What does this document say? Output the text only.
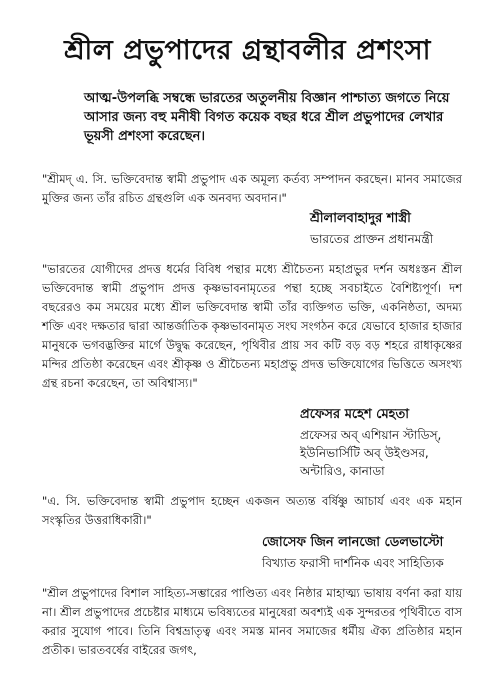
শ্রীল প্রভুপাদের গ্রন্থাবলীর প্রশংসা

আত্ম-উপলব্ধি সম্বন্ধে ভারতের অতুলনীয় বিজ্ঞান পাশ্চাত্য জগতে নিয়ে আসার জন্য বহু মনীষী বিগত কয়েক বছর ধরে শ্রীল প্রভুপাদের লেখার ভূয়সী প্রশংসা করেছেন।

"শ্রীমদ্ এ. সি. ভক্তিবেদান্ত স্বামী প্রভুপাদ এক অমূল্য কর্তব্য সম্পাদন করছেন। মানব সমাজের মুক্তির জন্য তাঁর রচিত গ্রন্থগুলি এক অনবদ্য অবদান।"

শ্রীলালবাহাদুর শাস্ত্রী
ভারতের প্রাক্তন প্রধানমন্ত্রী

"ভারতের যোগীদের প্রদত্ত ধর্মের বিবিধ পন্থার মধ্যে শ্রীচৈতন্য মহাপ্রভুর দর্শন অধঃস্তন শ্রীল ভক্তিবেদান্ত স্বামী প্রভুপাদ প্রদত্ত কৃষ্ণভাবনামৃতের পন্থা হচ্ছে সবচাইতে বৈশিষ্ট্যপূর্ণ। দশ বছরেরও কম সময়ের মধ্যে শ্রীল ভক্তিবেদান্ত স্বামী তাঁর ব্যক্তিগত ভক্তি, একনিষ্ঠতা, অদম্য শক্তি এবং দক্ষতার দ্বারা আন্তর্জাতিক কৃষ্ণভাবনামৃত সংঘ সংগঠন করে যেভাবে হাজার হাজার মানুষকে ভগবদ্ভক্তির মার্গে উদ্বুদ্ধ করেছেন, পৃথিবীর প্রায় সব কটি বড় বড় শহরে রাধাকৃষ্ণের মন্দির প্রতিষ্ঠা করেছেন এবং শ্রীকৃষ্ণ ও শ্রীচৈতন্য মহাপ্রভু প্রদত্ত ভক্তিযোগের ভিত্তিতে অসংখ্য গ্রন্থ রচনা করেছেন, তা অবিশ্বাস্য।"

প্রফেসর মহেশ মেহতা
প্রফেসর অব্ এশিয়ান স্টাডিস্,
ইউনিভার্সিটি অব্ উইণ্ডসর,
অন্টারিও, কানাডা

"এ. সি. ভক্তিবেদান্ত স্বামী প্রভুপাদ হচ্ছেন একজন অত্যন্ত বর্ষিষ্ণু আচার্য এবং এক মহান সংস্কৃতির উত্তরাধিকারী।"

জোসেফ জিন লানজো ডেলভাস্টো
বিখ্যাত ফরাসী দার্শনিক এবং সাহিত্যিক

"শ্রীল প্রভুপাদের বিশাল সাহিত্য-সম্ভারের পাণ্ডিত্য এবং নিষ্ঠার মাহাত্ম্য ভাষায় বর্ণনা করা যায় না। শ্রীল প্রভুপাদের প্রচেষ্টার মাধ্যমে ভবিষ্যতের মানুষেরা অবশ্যই এক সুন্দরতর পৃথিবীতে বাস করার সুযোগ পাবে। তিনি বিশ্বভ্রাতৃত্ব এবং সমস্ত মানব সমাজের ধর্মীয় ঐক্য প্রতিষ্ঠার মহান প্রতীক। ভারতবর্ষের বাইরের জগৎ,
